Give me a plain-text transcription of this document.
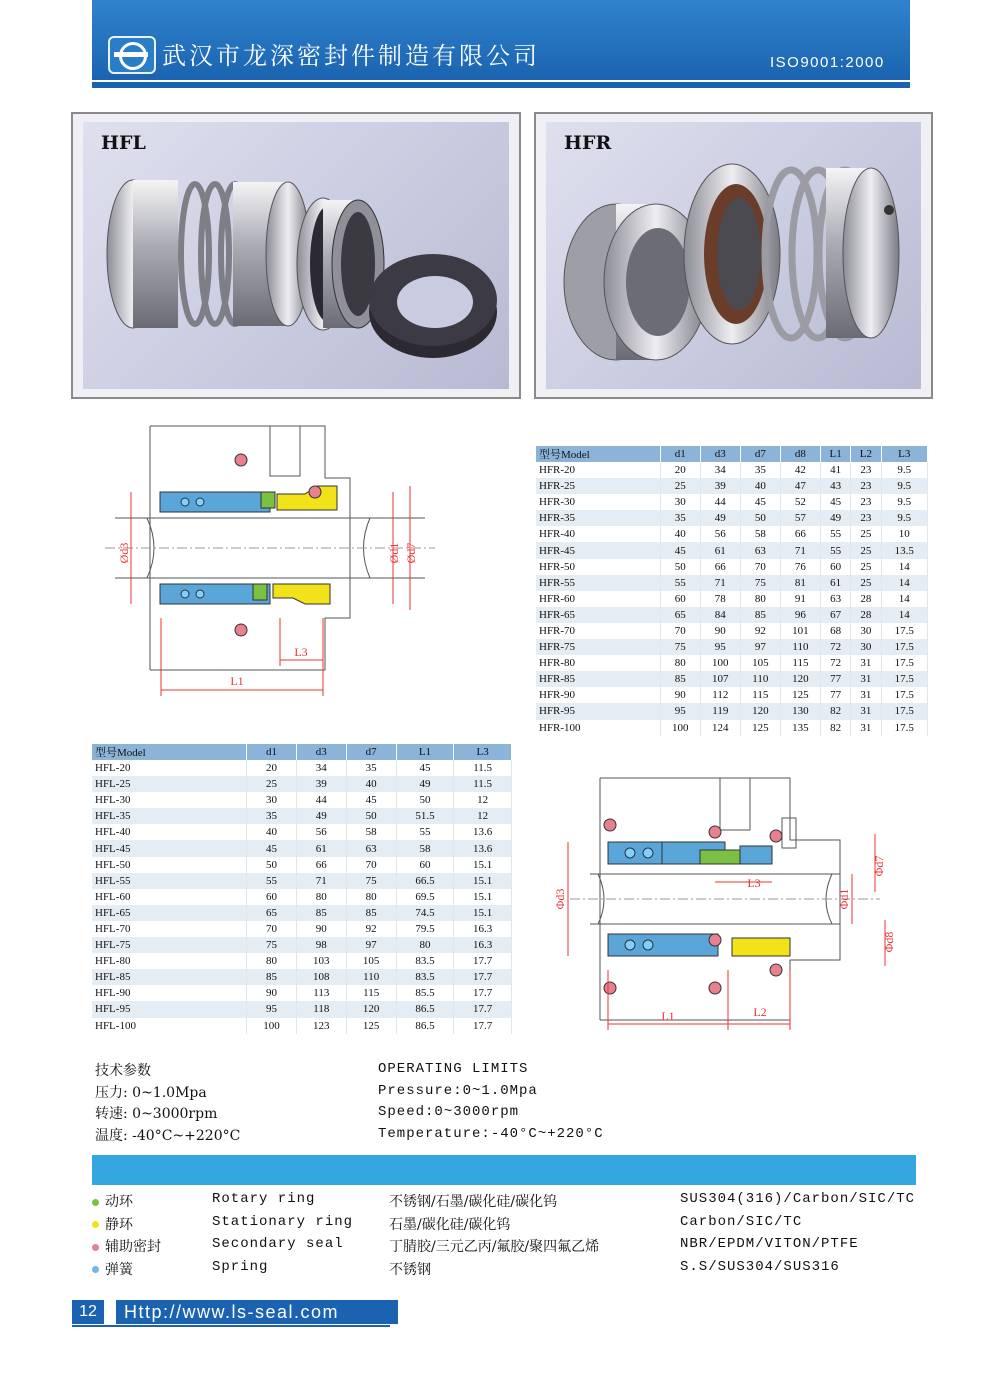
武汉市龙深密封件制造有限公司	ISO9001:2000
HFL	HFR
Ød3	Ød1 Ød7
L3
L1
型号Model	d1	d3	d7	d8	L1	L2	L3
HFR-20	20	34	35	42	41	23	9.5
HFR-25	25	39	40	47	43	23	9.5
HFR-30	30	44	45	52	45	23	9.5
HFR-35	35	49	50	57	49	23	9.5
HFR-40	40	56	58	66	55	25	10
HFR-45	45	61	63	71	55	25	13.5
HFR-50	50	66	70	76	60	25	14
HFR-55	55	71	75	81	61	25	14
HFR-60	60	78	80	91	63	28	14
HFR-65	65	84	85	96	67	28	14
HFR-70	70	90	92	101	68	30	17.5
HFR-75	75	95	97	110	72	30	17.5
HFR-80	80	100	105	115	72	31	17.5
HFR-85	85	107	110	120	77	31	17.5
HFR-90	90	112	115	125	77	31	17.5
HFR-95	95	119	120	130	82	31	17.5
HFR-100	100	124	125	135	82	31	17.5
型号Model	d1	d3	d7	L1	L3
HFL-20	20	34	35	45	11.5
HFL-25	25	39	40	49	11.5
HFL-30	30	44	45	50	12
HFL-35	35	49	50	51.5	12
HFL-40	40	56	58	55	13.6
HFL-45	45	61	63	58	13.6
HFL-50	50	66	70	60	15.1
HFL-55	55	71	75	66.5	15.1
HFL-60	60	80	80	69.5	15.1
HFL-65	65	85	85	74.5	15.1
HFL-70	70	90	92	79.5	16.3
HFL-75	75	98	97	80	16.3
HFL-80	80	103	105	83.5	17.7
HFL-85	85	108	110	83.5	17.7
HFL-90	90	113	115	85.5	17.7
HFL-95	95	118	120	86.5	17.7
HFL-100	100	123	125	86.5	17.7
Φd3	Φd1
Φd7
Φd8
L3
L1	L2
技术参数
压力: 0~1.0Mpa
转速: 0~3000rpm
温度: -40°C~+220°C
OPERATING LIMITS
Pressure:0~1.0Mpa
Speed:0~3000rpm
Temperature:-40°C~+220°C
动环	Rotary ring	不锈钢/石墨/碳化硅/碳化钨	SUS304(316)/Carbon/SIC/TC
静环	Stationary ring	石墨/碳化硅/碳化钨	Carbon/SIC/TC
辅助密封	Secondary seal	丁腈胶/三元乙丙/氟胶/聚四氟乙烯	NBR/EPDM/VITON/PTFE
弹簧	Spring	不锈钢	S.S/SUS304/SUS316
12	Http://www.ls-seal.com
